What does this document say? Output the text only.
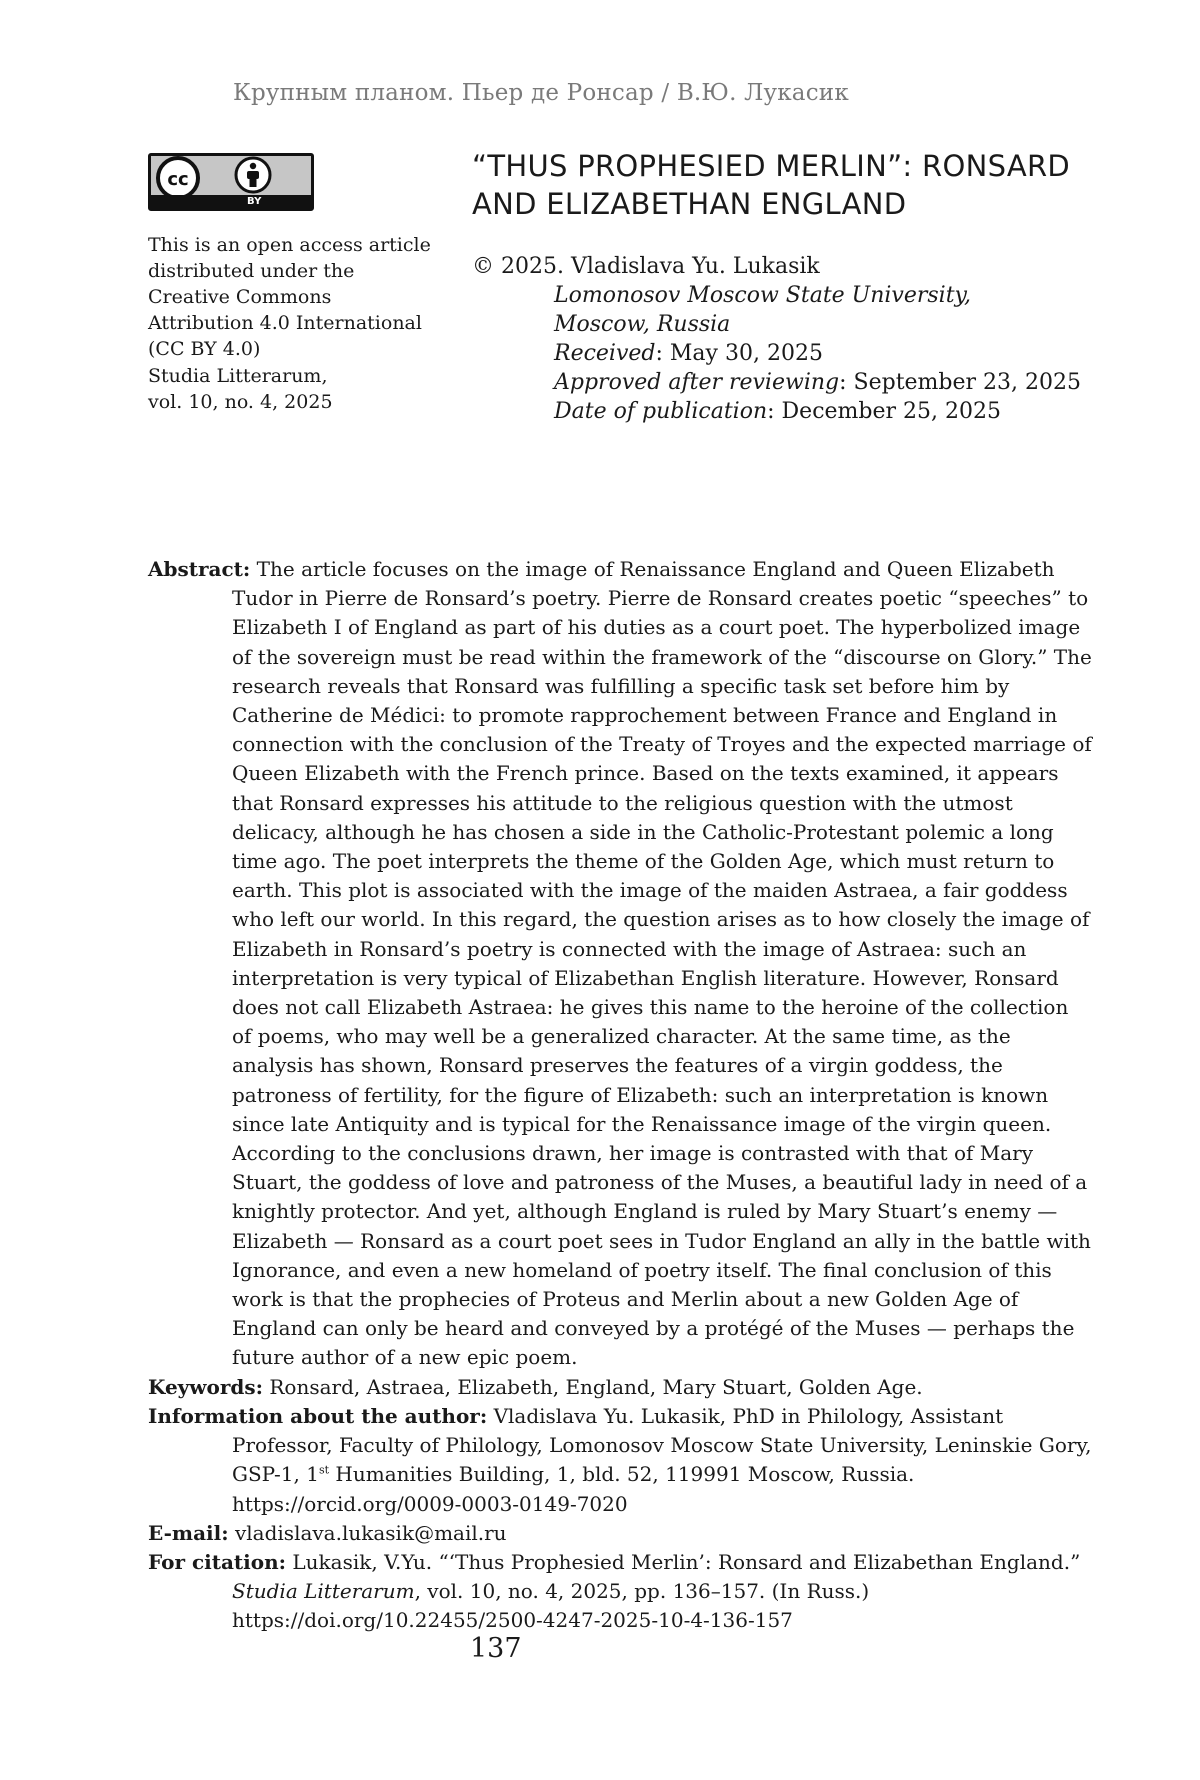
Крупным планом. Пьер де Ронсар / В.Ю. Лукасик
cc
BY

This is an open access article distributed under the Creative Commons Attribution 4.0 International (CC BY 4.0)

Studia Litterarum,
vol. 10, no. 4, 2025
“THUS PROPHESIED MERLIN”: RONSARD AND ELIZABETHAN ENGLAND
© 2025. Vladislava Yu. Lukasik
Lomonosov Moscow State University,
Moscow, Russia
Received: May 30, 2025
Approved after reviewing: September 23, 2025
Date of publication: December 25, 2025

Abstract: The article focuses on the image of Renaissance England and Queen Elizabeth Tudor in Pierre de Ronsard’s poetry. Pierre de Ronsard creates poetic “speeches” to Elizabeth I of England as part of his duties as a court poet. The hyperbolized image of the sovereign must be read within the framework of the “discourse on Glory.” The research reveals that Ronsard was fulfilling a specific task set before him by Catherine de Médici: to promote rapprochement between France and England in connection with the conclusion of the Treaty of Troyes and the expected marriage of Queen Elizabeth with the French prince. Based on the texts examined, it appears that Ronsard expresses his attitude to the religious question with the utmost delicacy, although he has chosen a side in the Catholic-Protestant polemic a long time ago. The poet interprets the theme of the Golden Age, which must return to earth. This plot is associated with the image of the maiden Astraea, a fair goddess who left our world. In this regard, the question arises as to how closely the image of Elizabeth in Ronsard’s poetry is connected with the image of Astraea: such an interpretation is very typical of Elizabethan English literature. However, Ronsard does not call Elizabeth Astraea: he gives this name to the heroine of the collection of poems, who may well be a generalized character. At the same time, as the analysis has shown, Ronsard preserves the features of a virgin goddess, the patroness of fertility, for the figure of Elizabeth: such an interpretation is known since late Antiquity and is typical for the Renaissance image of the virgin queen. According to the conclusions drawn, her image is contrasted with that of Mary Stuart, the goddess of love and patroness of the Muses, a beautiful lady in need of a knightly protector. And yet, although England is ruled by Mary Stuart’s enemy — Elizabeth — Ronsard as a court poet sees in Tudor England an ally in the battle with Ignorance, and even a new homeland of poetry itself. The final conclusion of this work is that the prophecies of Proteus and Merlin about a new Golden Age of England can only be heard and conveyed by a protégé of the Muses — perhaps the future author of a new epic poem.

Keywords: Ronsard, Astraea, Elizabeth, England, Mary Stuart, Golden Age.

Information about the author: Vladislava Yu. Lukasik, PhD in Philology, Assistant Professor, Faculty of Philology, Lomonosov Moscow State University, Leninskie Gory, GSP-1, 1st Humanities Building, 1, bld. 52, 119991 Moscow, Russia.
https://orcid.org/0009-0003-0149-7020

E-mail: vladislava.lukasik@mail.ru

For citation: Lukasik, V.Yu. “‘Thus Prophesied Merlin’: Ronsard and Elizabethan England.” Studia Litterarum, vol. 10, no. 4, 2025, pp. 136–157. (In Russ.)
https://doi.org/10.22455/2500-4247-2025-10-4-136-157

137
